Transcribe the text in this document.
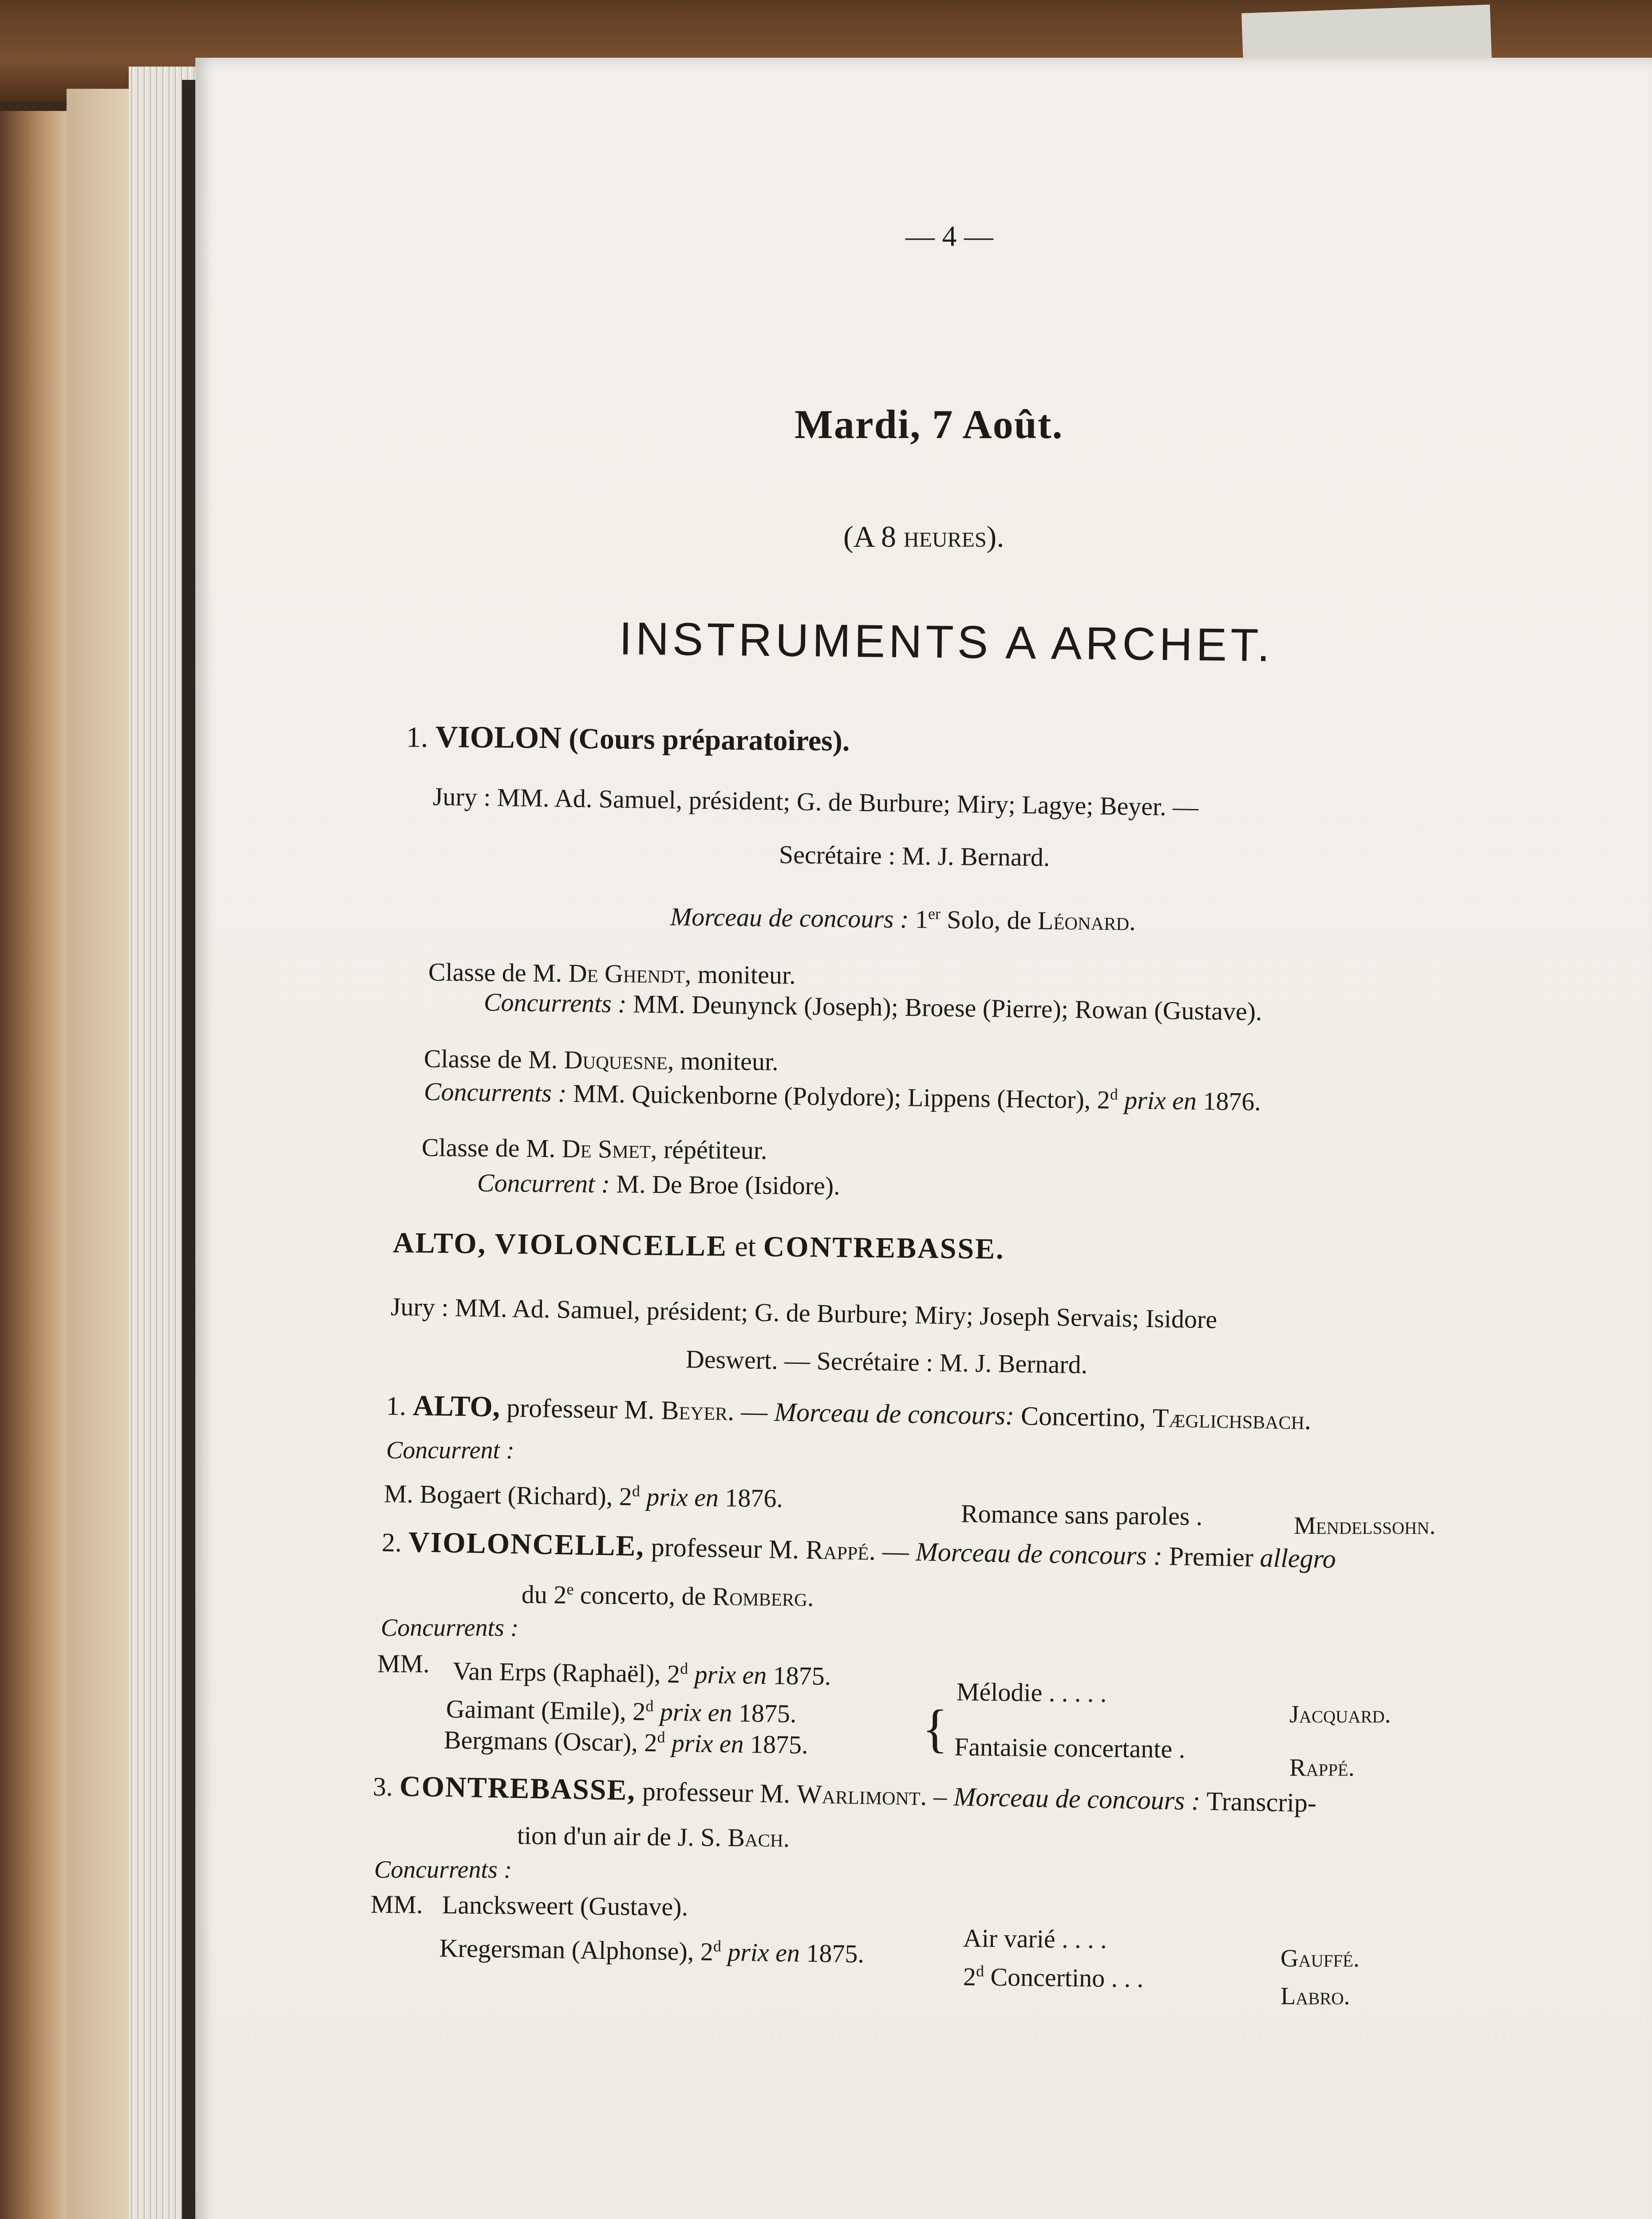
— 4 —
Mardi, 7 Août.
(A 8 heures).
INSTRUMENTS A ARCHET.
1. VIOLON (Cours préparatoires).
Jury : MM. Ad. Samuel, président; G. de Burbure; Miry; Lagye; Beyer. —
Secrétaire : M. J. Bernard.
Morceau de concours : 1er Solo, de Léonard.
Classe de M. De Ghendt, moniteur.
Concurrents : MM. Deunynck (Joseph); Broese (Pierre); Rowan (Gustave).
Classe de M. Duquesne, moniteur.
Concurrents : MM. Quickenborne (Polydore); Lippens (Hector), 2$^d$ prix en 1876.
Classe de M. De Smet, répétiteur.
Concurrent : M. De Broe (Isidore).
ALTO, VIOLONCELLE et CONTREBASSE.
Jury : MM. Ad. Samuel, président; G. de Burbure; Miry; Joseph Servais; Isidore
Deswert. — Secrétaire : M. J. Bernard.
1. ALTO, professeur M. Beyer. — Morceau de concours: Concertino, Tæglichsbach.
Concurrent :
M. Bogaert (Richard), 2$^d$ prix en 1876.
Romance sans paroles .	Mendelssohn.
2. VIOLONCELLE, professeur M. Rappé. — Morceau de concours : Premier allegro
du 2e concerto, de Romberg.
Concurrents :
MM. Van Erps (Raphaël), 2$^d$ prix en 1875.
Gaimant (Emile), 2$^d$ prix en 1875.
Bergmans (Oscar), 2$^d$ prix en 1875.
Mélodie . . . . .
Jacquard.
{ Fantaisie concertante .
Rappé.
3. CONTREBASSE, professeur M. Warlimont. – Morceau de concours : Transcrip-
tion d'un air de J. S. Bach.
Concurrents :
MM. Lancksweert (Gustave).
Kregersman (Alphonse), 2$^d$ prix en 1875.	Air varié . . . .
Gauffé.
2$^d$ Concertino . . .
Labro.
